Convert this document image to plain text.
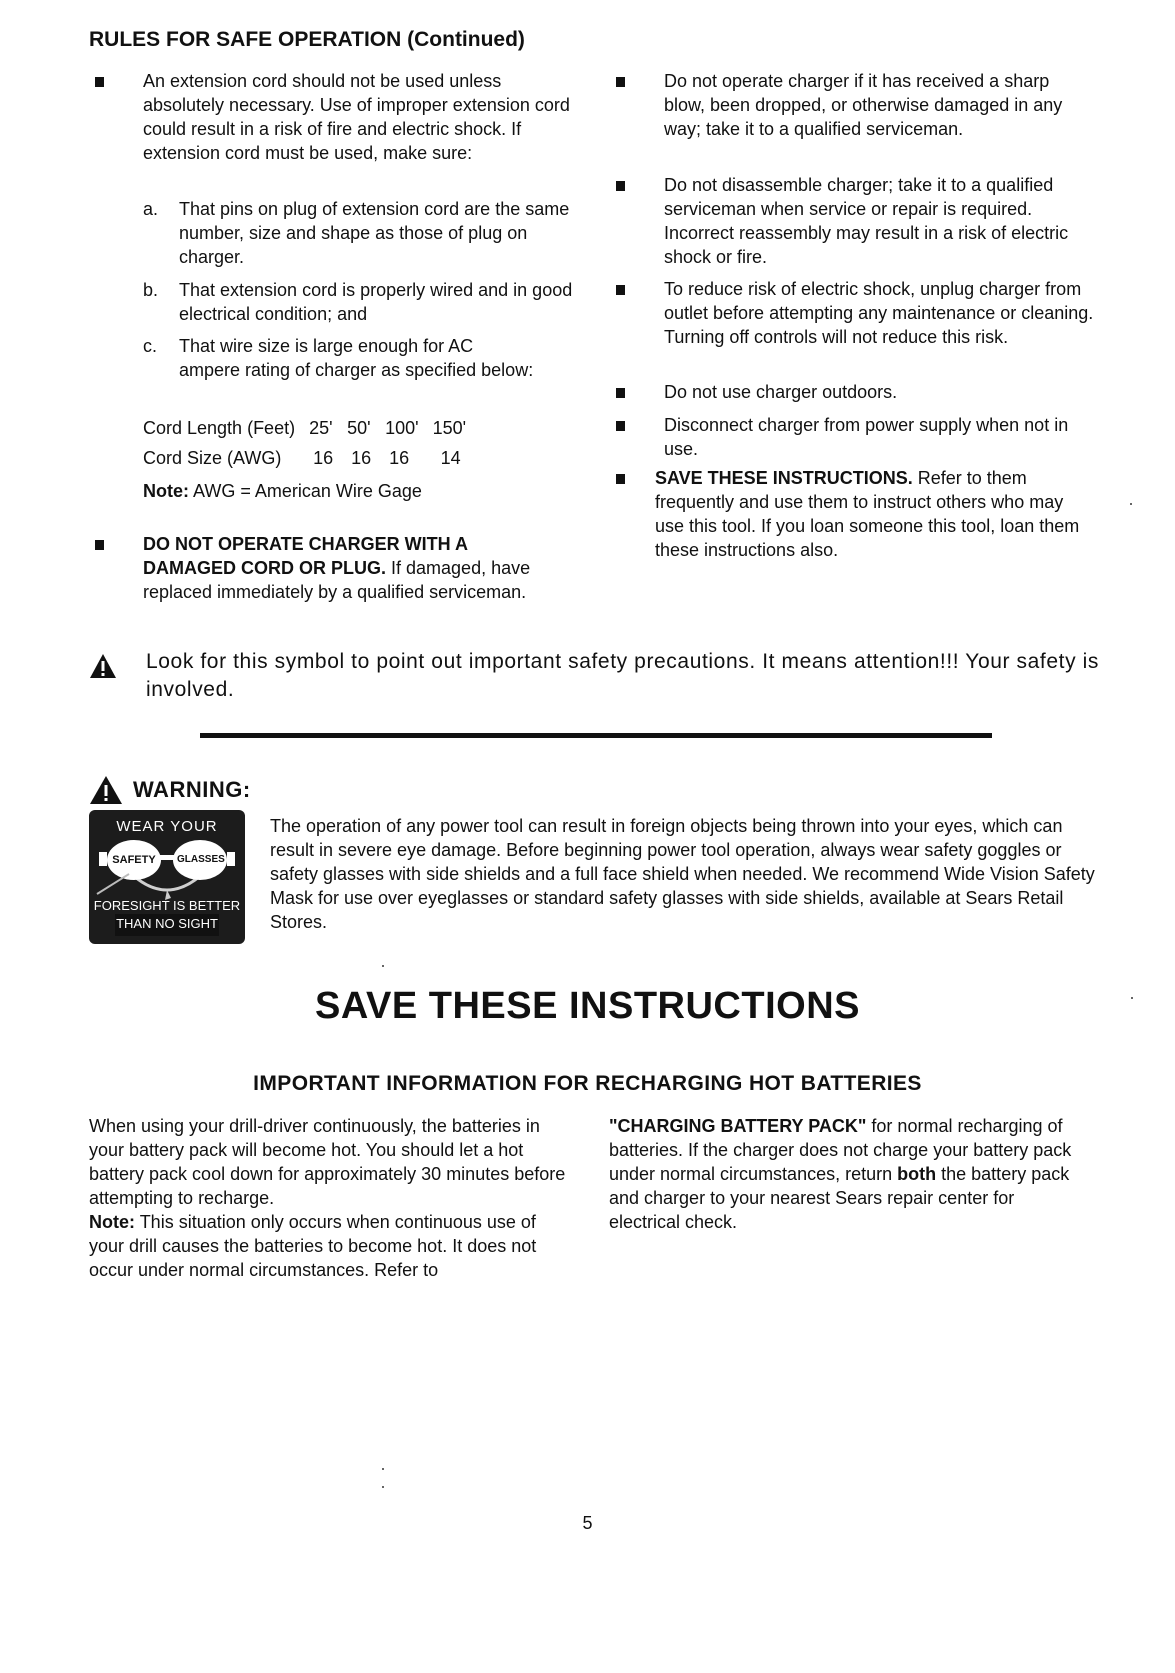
RULES FOR SAFE OPERATION (Continued)
An extension cord should not be used unless absolutely necessary. Use of improper extension cord could result in a risk of fire and electric shock. If extension cord must be used, make sure:
a. That pins on plug of extension cord are the same number, size and shape as those of plug on charger.
b. That extension cord is properly wired and in good electrical condition; and
c. That wire size is large enough for AC ampere rating of charger as specified below:
Cord Length (Feet)	25'	50'	100'	150'
Cord Size (AWG)	16	16	16	14
Note: AWG = American Wire Gage
DO NOT OPERATE CHARGER WITH A DAMAGED CORD OR PLUG. If damaged, have replaced immediately by a qualified serviceman.
Do not operate charger if it has received a sharp blow, been dropped, or otherwise damaged in any way; take it to a qualified serviceman.
Do not disassemble charger; take it to a qualified serviceman when service or repair is required. Incorrect reassembly may result in a risk of electric shock or fire.
To reduce risk of electric shock, unplug charger from outlet before attempting any maintenance or cleaning. Turning off controls will not reduce this risk.
Do not use charger outdoors.
Disconnect charger from power supply when not in use.
SAVE THESE INSTRUCTIONS. Refer to them frequently and use them to instruct others who may use this tool. If you loan someone this tool, loan them these instructions also.
Look for this symbol to point out important safety precautions. It means attention!!! Your safety is involved.
WARNING:
WEAR YOUR
SAFETY GLASSES
FORESIGHT IS BETTER
THAN NO SIGHT
The operation of any power tool can result in foreign objects being thrown into your eyes, which can result in severe eye damage. Before beginning power tool operation, always wear safety goggles or safety glasses with side shields and a full face shield when needed. We recommend Wide Vision Safety Mask for use over eyeglasses or standard safety glasses with side shields, available at Sears Retail Stores.
SAVE THESE INSTRUCTIONS
IMPORTANT INFORMATION FOR RECHARGING HOT BATTERIES
When using your drill-driver continuously, the batteries in your battery pack will become hot. You should let a hot battery pack cool down for approximately 30 minutes before attempting to recharge.
Note: This situation only occurs when continuous use of your drill causes the batteries to become hot. It does not occur under normal circumstances. Refer to
"CHARGING BATTERY PACK" for normal recharging of batteries. If the charger does not charge your battery pack under normal circumstances, return both the battery pack and charger to your nearest Sears repair center for electrical check.
5
